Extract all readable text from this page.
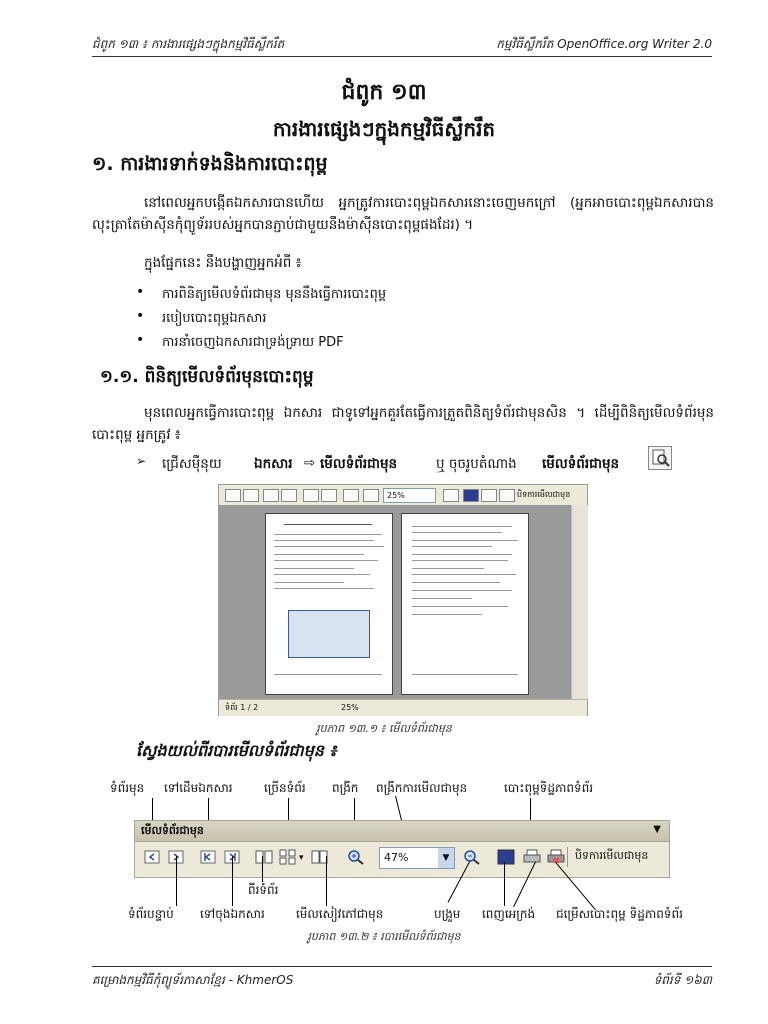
ជំពូក ១៣ ៖ ការងារផ្សេងៗក្នុងកម្មវិធីស្លឹករឹត	កម្មវិធីស្លឹករឹត OpenOffice.org Writer 2.0
ជំពូក ១៣
ការងារផ្សេងៗក្នុងកម្មវិធីស្លឹករឹត
១. ការងារទាក់ទងនិងការបោះពុម្ព
នៅពេលអ្នកបង្កើតឯកសារបានហើយ អ្នកត្រូវការបោះពុម្ពឯកសារនោះចេញមកក្រៅ (អ្នកអាចបោះពុម្ពឯកសារបាន លុះត្រាតែម៉ាស៊ីនកុំព្យូទ័ររបស់អ្នកបានភ្ជាប់ជាមួយនឹងម៉ាស៊ីនបោះពុម្ពផងដែរ) ។
ក្នុងផ្នែកនេះ នឹងបង្ហាញអ្នកអំពី ៖
• ការពិនិត្យមើលទំព័រជាមុន មុននឹងធ្វើការបោះពុម្ព
• របៀបបោះពុម្ពឯកសារ
• ការនាំចេញឯកសារជាទ្រង់ទ្រាយ PDF
១.១. ពិនិត្យមើលទំព័រមុនបោះពុម្ព
មុនពេលអ្នកធ្វើការបោះពុម្ព ឯកសារ ជាទូទៅអ្នកគួរតែធ្វើការត្រួតពិនិត្យទំព័រជាមុនសិន ។ ដើម្បីពិនិត្យមើលទំព័រមុនបោះពុម្ព អ្នកត្រូវ ៖
➢ ជ្រើសម៉ឺនុយ ឯកសារ ⇨ មើលទំព័រជាមុន	ឬ ចុចរូបតំណាង មើលទំព័រជាមុន
25%	បិទការមើលជាមុន
ទំព័រ 1 / 2	25%
រូបភាព ១៣.១ ៖ មើលទំព័រជាមុន
ស្វែងយល់ពីរបារមើលទំព័រជាមុន ៖
ទំព័រមុន ទៅដើមឯកសារ	ច្រើនទំព័រ ពង្រីក ពង្រីកការមើលជាមុន	បោះពុម្ពទិដ្ឋភាពទំព័រ
មើលទំព័រជាមុន	▼
▾	47%	▼	បិទការមើលជាមុន
ពីរទំព័រ
ទំព័របន្ទាប់ ទៅចុងឯកសារ	មើលសៀវភៅជាមុន	បង្រួម ពេញអេក្រង់ ជម្រើសបោះពុម្ព ទិដ្ឋភាពទំព័រ
រូបភាព ១៣.២ ៖ របារមើលទំព័រជាមុន
គម្រោងកម្មវិធីកុំព្យូទ័រភាសាខ្មែរ - KhmerOS	ទំព័រទី ១៦៣
